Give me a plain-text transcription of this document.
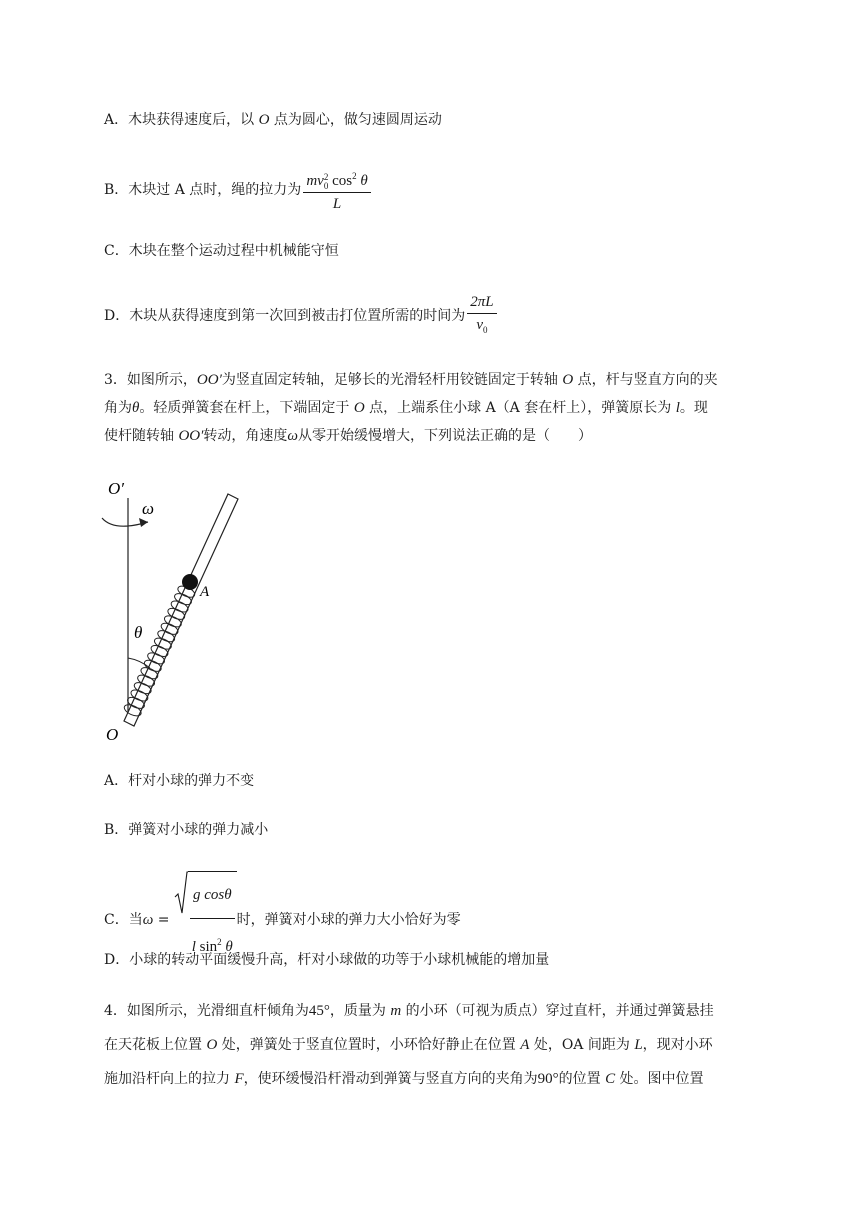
A．木块获得速度后，以 O 点为圆心，做匀速圆周运动
B．木块过 A 点时，绳的拉力为 mv $^{2 0}$ $\cos^2 \theta$
L
C．木块在整个运动过程中机械能守恒
D．木块从获得速度到第一次回到被击打位置所需的时间为 $\frac{2\pi L}{v_0}$
3．如图所示，OO′为竖直固定转轴，足够长的光滑轻杆用铰链固定于转轴 O 点，杆与竖直方向的夹
角为θ。轻质弹簧套在杆上，下端固定于 O 点，上端系住小球 A（A 套在杆上），弹簧原长为 l。现
使杆随转轴 OO′转动，角速度ω从零开始缓慢增大，下列说法正确的是（　　）
O′
ω
A
θ
O
A．杆对小球的弹力不变
B．弹簧对小球的弹力减小
C．当$\omega = \frac{\text{g cosθ}}{l \sin^2 \theta}$ 时，弹簧对小球的弹力大小恰好为零
D．小球的转动平面缓慢升高，杆对小球做的功等于小球机械能的增加量
4．如图所示，光滑细直杆倾角为45°，质量为 m 的小环（可视为质点）穿过直杆，并通过弹簧悬挂
在天花板上位置 O 处，弹簧处于竖直位置时，小环恰好静止在位置 A 处，OA 间距为 L，现对小环
施加沿杆向上的拉力 F，使环缓慢沿杆滑动到弹簧与竖直方向的夹角为90°的位置 C 处。图中位置
